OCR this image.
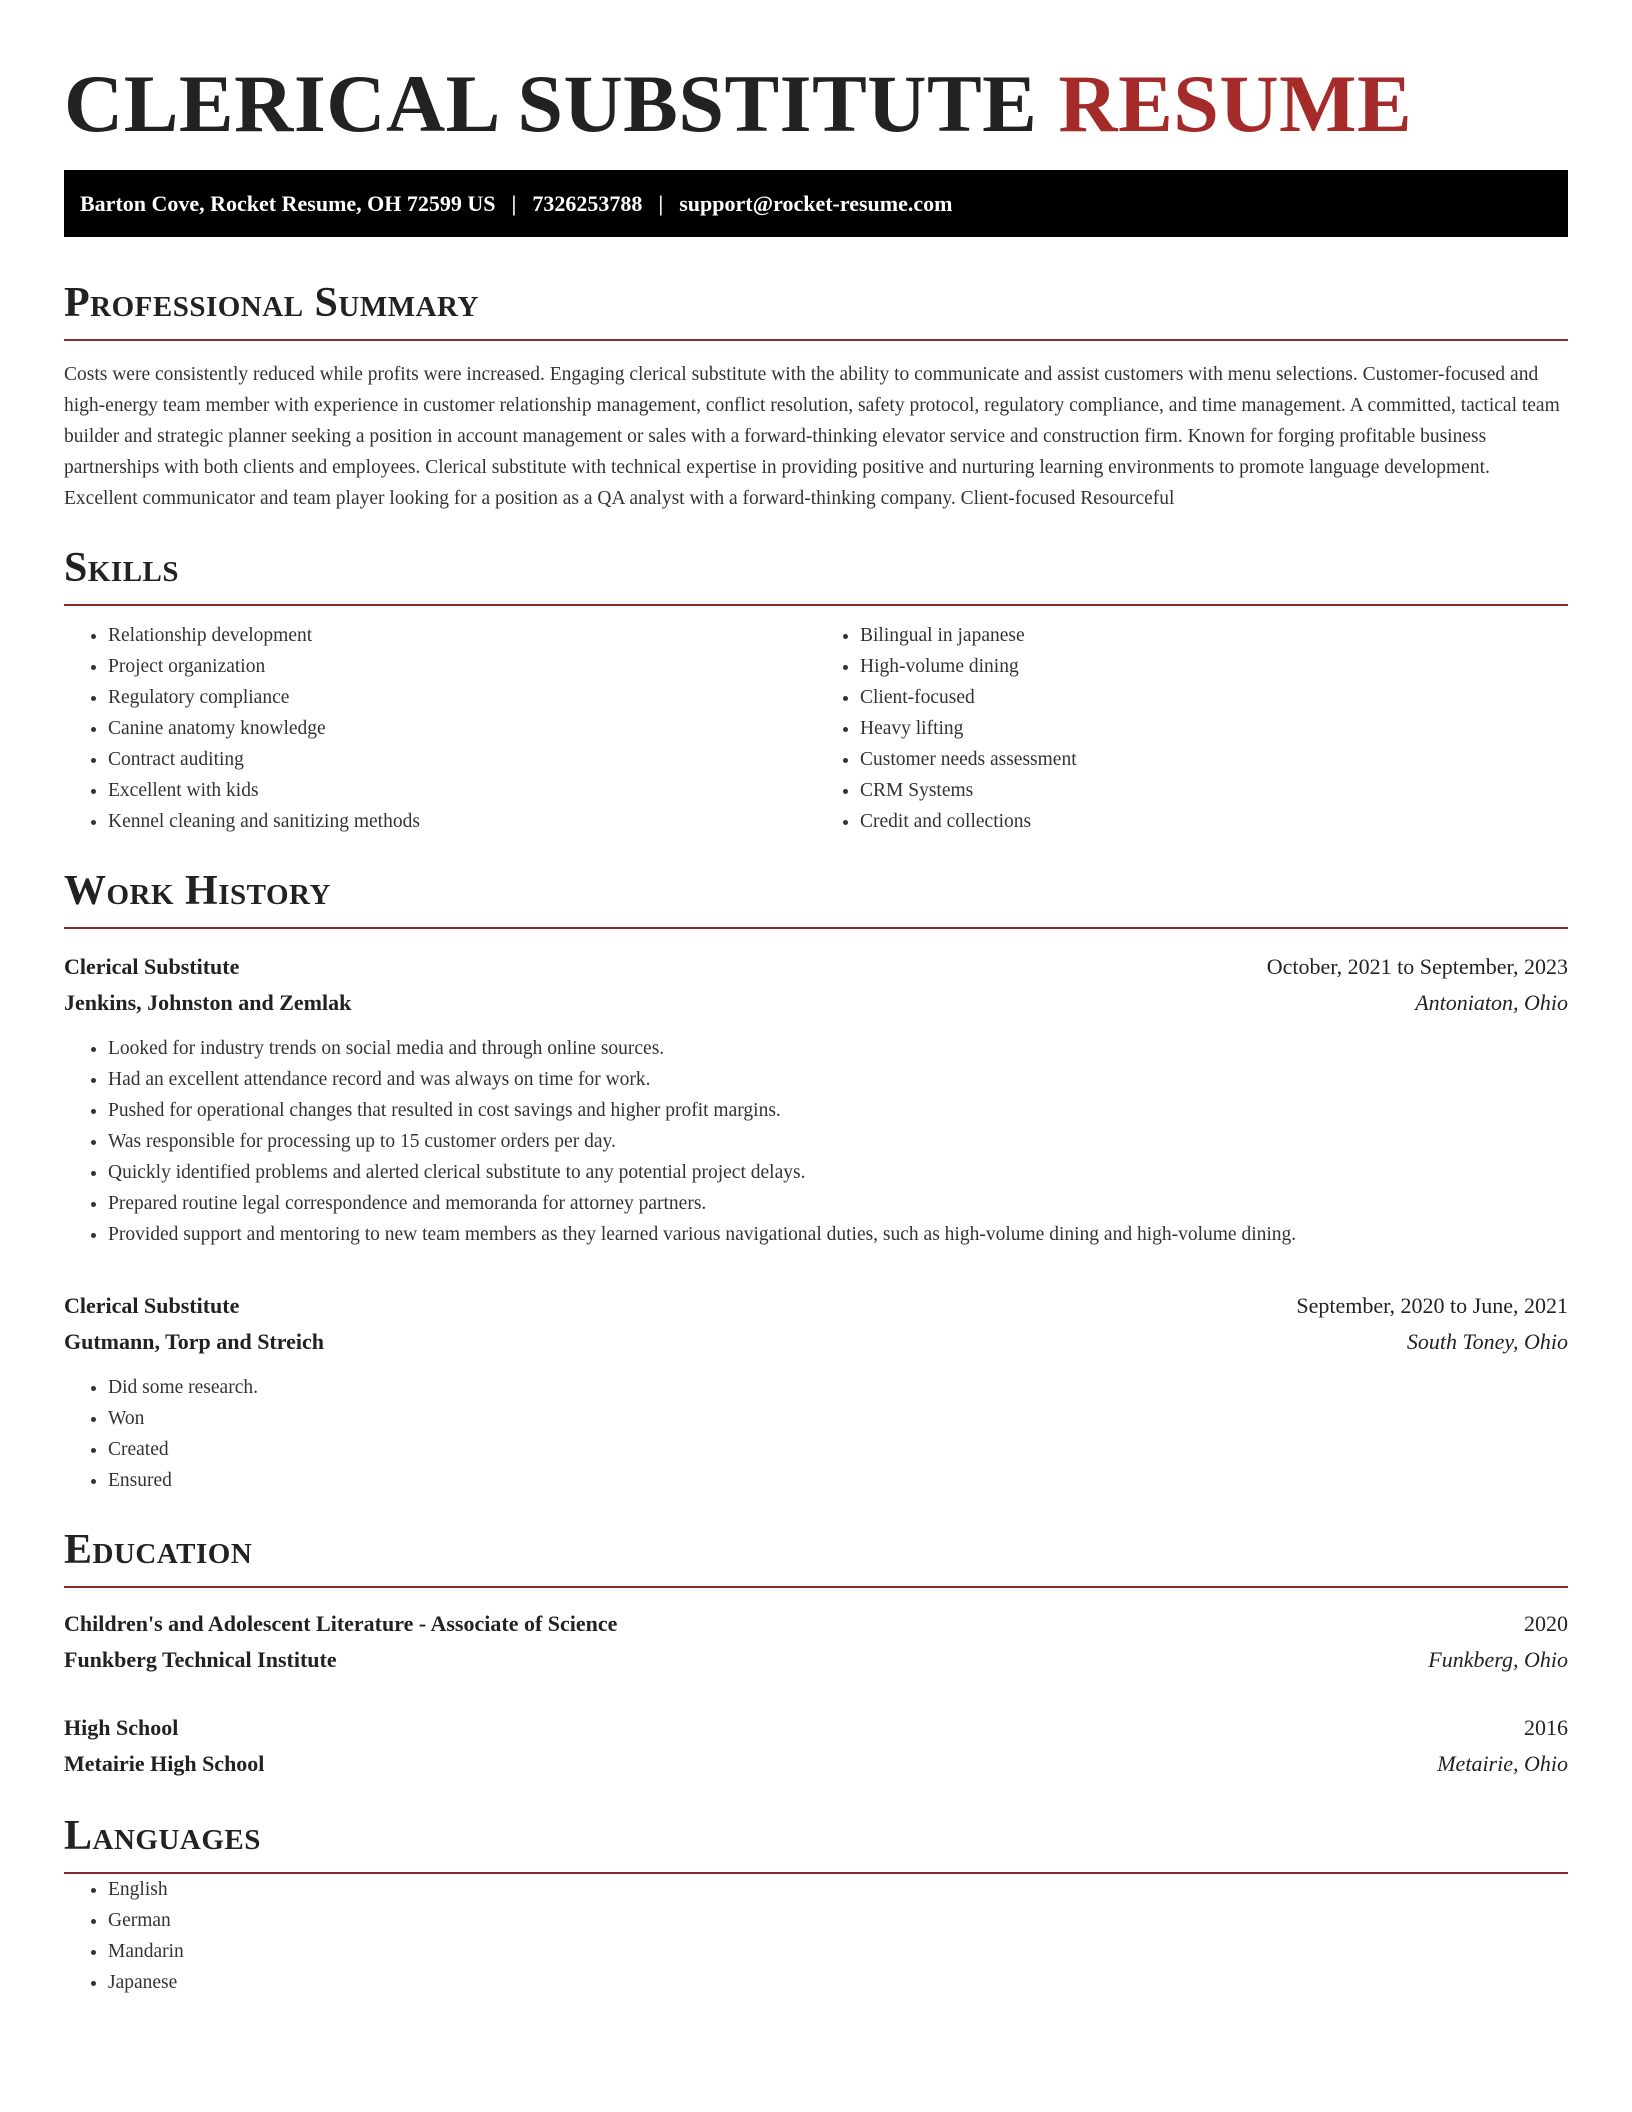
CLERICAL SUBSTITUTE RESUME
Barton Cove, Rocket Resume, OH 72599 US | 7326253788 | support@rocket-resume.com
Professional Summary

Costs were consistently reduced while profits were increased. Engaging clerical substitute with the ability to communicate and assist customers with menu selections. Customer-focused and high-energy team member with experience in customer relationship management, conflict resolution, safety protocol, regulatory compliance, and time management. A committed, tactical team builder and strategic planner seeking a position in account management or sales with a forward-thinking elevator service and construction firm. Known for forging profitable business partnerships with both clients and employees. Clerical substitute with technical expertise in providing positive and nurturing learning environments to promote language development. Excellent communicator and team player looking for a position as a QA analyst with a forward-thinking company. Client-focused Resourceful

Skills
• Relationship development
• Project organization
• Regulatory compliance
• Canine anatomy knowledge
• Contract auditing
• Excellent with kids
• Kennel cleaning and sanitizing methods
• Bilingual in japanese
• High-volume dining
• Client-focused
• Heavy lifting
• Customer needs assessment
• CRM Systems
• Credit and collections
Work History
Clerical Substitute	October, 2021 to September, 2023
Jenkins, Johnston and Zemlak	Antoniaton, Ohio
• Looked for industry trends on social media and through online sources.
• Had an excellent attendance record and was always on time for work.
• Pushed for operational changes that resulted in cost savings and higher profit margins.
• Was responsible for processing up to 15 customer orders per day.
• Quickly identified problems and alerted clerical substitute to any potential project delays.
• Prepared routine legal correspondence and memoranda for attorney partners.
• Provided support and mentoring to new team members as they learned various navigational duties, such as high-volume dining and high-volume dining.
Clerical Substitute	September, 2020 to June, 2021
Gutmann, Torp and Streich	South Toney, Ohio
• Did some research.
• Won
• Created
• Ensured
Education
Children's and Adolescent Literature - Associate of Science	2020
Funkberg Technical Institute	Funkberg, Ohio
High School	2016
Metairie High School	Metairie, Ohio
Languages
• English
• German
• Mandarin
• Japanese
